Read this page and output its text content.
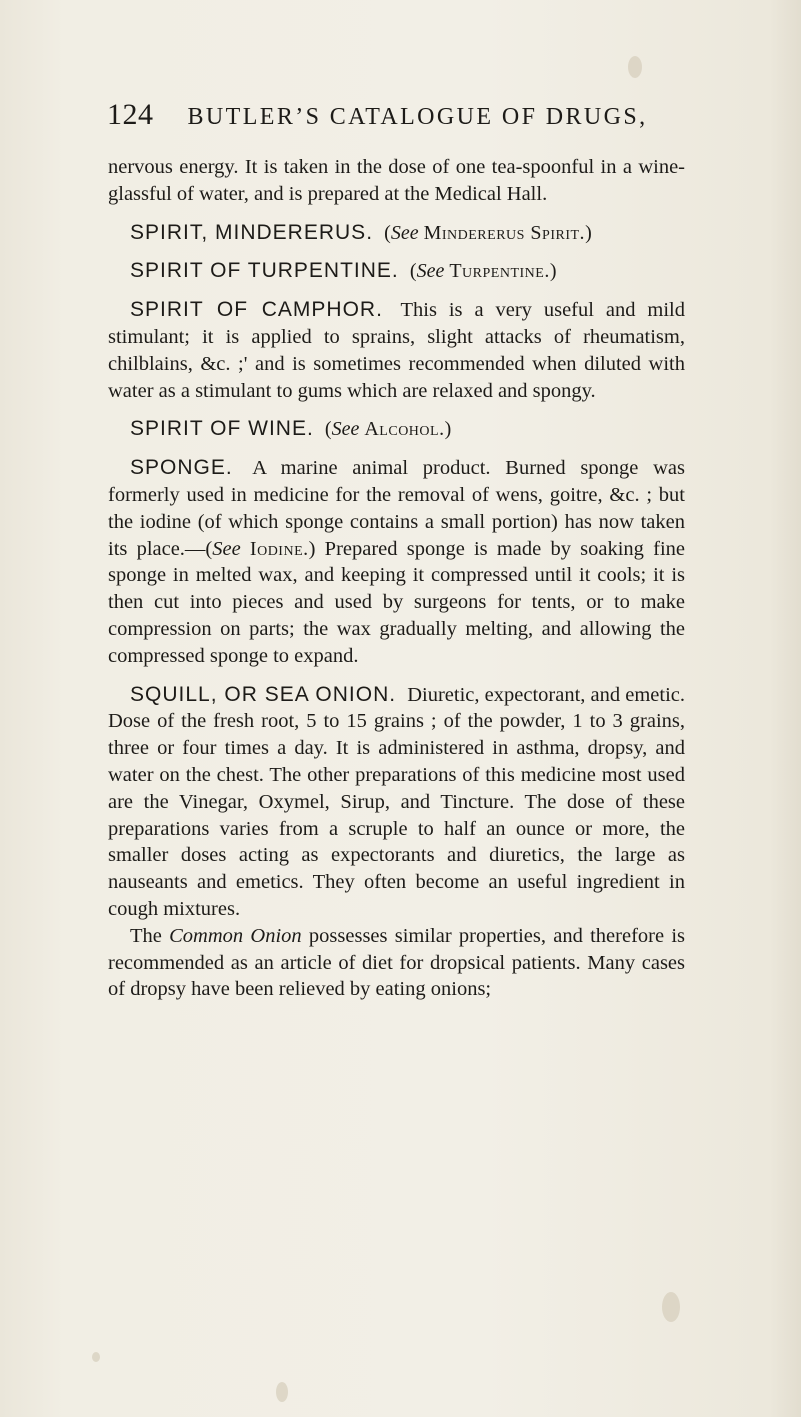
124 BUTLER’S CATALOGUE OF DRUGS,

nervous energy. It is taken in the dose of one tea-spoonful in a wine-glassful of water, and is prepared at the Medical Hall.

SPIRIT, MINDERERUS. (See Mindererus Spirit.)

SPIRIT OF TURPENTINE. (See Turpentine.)

SPIRIT OF CAMPHOR. This is a very useful and mild stimulant; it is applied to sprains, slight attacks of rheumatism, chilblains, &c. ;' and is sometimes recommended when diluted with water as a stimulant to gums which are relaxed and spongy.

SPIRIT OF WINE. (See Alcohol.)

SPONGE. A marine animal product. Burned sponge was formerly used in medicine for the removal of wens, goitre, &c. ; but the iodine (of which sponge contains a small portion) has now taken its place.—(See Iodine.) Prepared sponge is made by soaking fine sponge in melted wax, and keeping it compressed until it cools; it is then cut into pieces and used by surgeons for tents, or to make compression on parts; the wax gradually melting, and allowing the compressed sponge to expand.

SQUILL, OR SEA ONION. Diuretic, expectorant, and emetic. Dose of the fresh root, 5 to 15 grains ; of the powder, 1 to 3 grains, three or four times a day. It is administered in asthma, dropsy, and water on the chest. The other preparations of this medicine most used are the Vinegar, Oxymel, Sirup, and Tincture. The dose of these preparations varies from a scruple to half an ounce or more, the smaller doses acting as expectorants and diuretics, the large as nauseants and emetics. They often become an useful ingredient in cough mixtures.

The Common Onion possesses similar properties, and therefore is recommended as an article of diet for dropsical patients. Many cases of dropsy have been relieved by eating onions;
